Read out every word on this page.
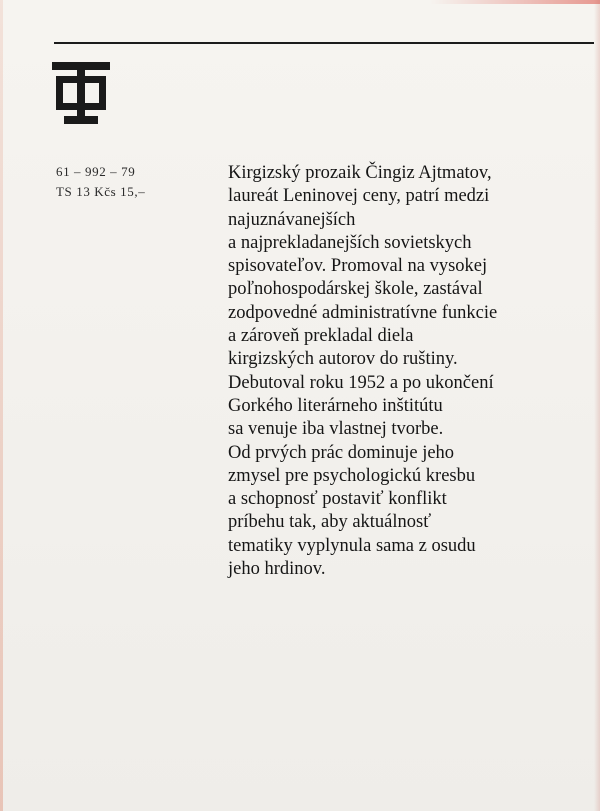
61 – 992 – 79
TS 13 Kčs 15,–
Kirgizský prozaik Čingiz Ajtmatov,
laureát Leninovej ceny, patrí medzi
najuznávanejších
a najprekladanejších sovietskych
spisovateľov. Promoval na vysokej
poľnohospodárskej škole, zastával
zodpovedné administratívne funkcie
a zároveň prekladal diela
kirgizských autorov do ruštiny.
Debutoval roku 1952 a po ukončení
Gorkého literárneho inštitútu
sa venuje iba vlastnej tvorbe.
Od prvých prác dominuje jeho
zmysel pre psychologickú kresbu
a schopnosť postaviť konflikt
príbehu tak, aby aktuálnosť
tematiky vyplynula sama z osudu
jeho hrdinov.
